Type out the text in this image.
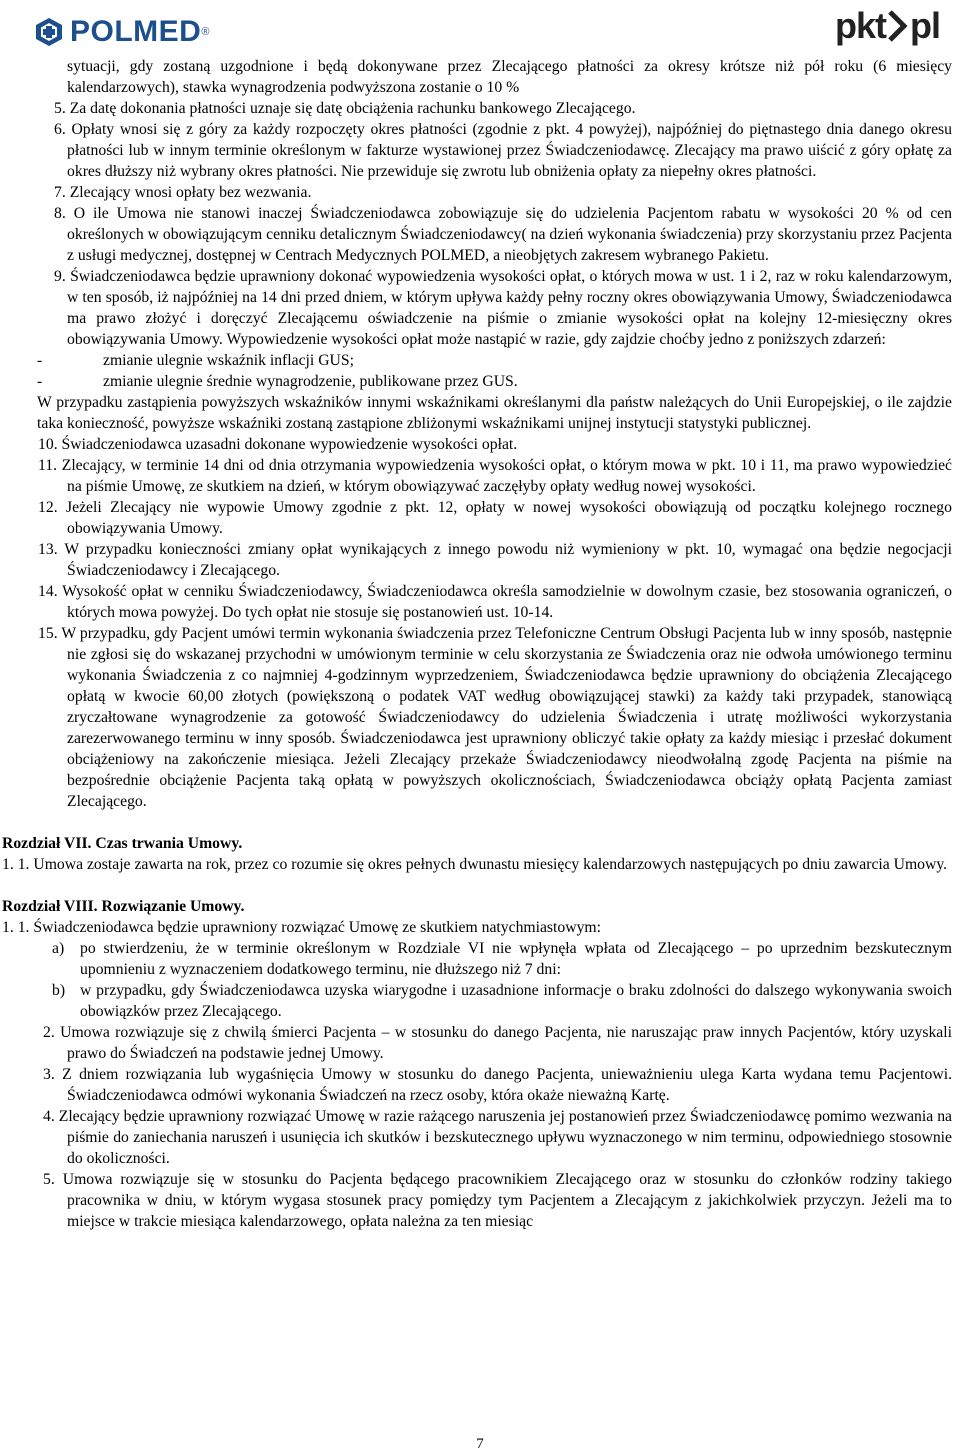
POLMED ®	pkt pl

sytuacji, gdy zostaną uzgodnione i będą dokonywane przez Zlecającego płatności za okresy krótsze niż pół roku (6 miesięcy kalendarzowych), stawka wynagrodzenia podwyższona zostanie o 10 %

5. Za datę dokonania płatności uznaje się datę obciążenia rachunku bankowego Zlecającego.

6. Opłaty wnosi się z góry za każdy rozpoczęty okres płatności (zgodnie z pkt. 4 powyżej), najpóźniej do piętnastego dnia danego okresu płatności lub w innym terminie określonym w fakturze wystawionej przez Świadczeniodawcę. Zlecający ma prawo uiścić z góry opłatę za okres dłuższy niż wybrany okres płatności. Nie przewiduje się zwrotu lub obniżenia opłaty za niepełny okres płatności.

7. Zlecający wnosi opłaty bez wezwania.

8. O ile Umowa nie stanowi inaczej Świadczeniodawca zobowiązuje się do udzielenia Pacjentom rabatu w wysokości 20 % od cen określonych w obowiązującym cenniku detalicznym Świadczeniodawcy( na dzień wykonania świadczenia) przy skorzystaniu przez Pacjenta z usługi medycznej, dostępnej w Centrach Medycznych POLMED, a nieobjętych zakresem wybranego Pakietu.

9. Świadczeniodawca będzie uprawniony dokonać wypowiedzenia wysokości opłat, o których mowa w ust. 1 i 2, raz w roku kalendarzowym, w ten sposób, iż najpóźniej na 14 dni przed dniem, w którym upływa każdy pełny roczny okres obowiązywania Umowy, Świadczeniodawca ma prawo złożyć i doręczyć Zlecającemu oświadczenie na piśmie o zmianie wysokości opłat na kolejny 12-miesięczny okres obowiązywania Umowy. Wypowiedzenie wysokości opłat może nastąpić w razie, gdy zajdzie choćby jedno z poniższych zdarzeń:

-	zmianie ulegnie wskaźnik inflacji GUS;

-	zmianie ulegnie średnie wynagrodzenie, publikowane przez GUS.

W przypadku zastąpienia powyższych wskaźników innymi wskaźnikami określanymi dla państw należących do Unii Europejskiej, o ile zajdzie taka konieczność, powyższe wskaźniki zostaną zastąpione zbliżonymi wskaźnikami unijnej instytucji statystyki publicznej.

10. Świadczeniodawca uzasadni dokonane wypowiedzenie wysokości opłat.

11. Zlecający, w terminie 14 dni od dnia otrzymania wypowiedzenia wysokości opłat, o którym mowa w pkt. 10 i 11, ma prawo wypowiedzieć na piśmie Umowę, ze skutkiem na dzień, w którym obowiązywać zaczęłyby opłaty według nowej wysokości.

12. Jeżeli Zlecający nie wypowie Umowy zgodnie z pkt. 12, opłaty w nowej wysokości obowiązują od początku kolejnego rocznego obowiązywania Umowy.

13. W przypadku konieczności zmiany opłat wynikających z innego powodu niż wymieniony w pkt. 10, wymagać ona będzie negocjacji Świadczeniodawcy i Zlecającego.

14. Wysokość opłat w cenniku Świadczeniodawcy, Świadczeniodawca określa samodzielnie w dowolnym czasie, bez stosowania ograniczeń, o których mowa powyżej. Do tych opłat nie stosuje się postanowień ust. 10-14.

15. W przypadku, gdy Pacjent umówi termin wykonania świadczenia przez Telefoniczne Centrum Obsługi Pacjenta lub w inny sposób, następnie nie zgłosi się do wskazanej przychodni w umówionym terminie w celu skorzystania ze Świadczenia oraz nie odwoła umówionego terminu wykonania Świadczenia z co najmniej 4-godzinnym wyprzedzeniem, Świadczeniodawca będzie uprawniony do obciążenia Zlecającego opłatą w kwocie 60,00 złotych (powiększoną o podatek VAT według obowiązującej stawki) za każdy taki przypadek, stanowiącą zryczałtowane wynagrodzenie za gotowość Świadczeniodawcy do udzielenia Świadczenia i utratę możliwości wykorzystania zarezerwowanego terminu w inny sposób. Świadczeniodawca jest uprawniony obliczyć takie opłaty za każdy miesiąc i przesłać dokument obciążeniowy na zakończenie miesiąca. Jeżeli Zlecający przekaże Świadczeniodawcy nieodwołalną zgodę Pacjenta na piśmie na bezpośrednie obciążenie Pacjenta taką opłatą w powyższych okolicznościach, Świadczeniodawca obciąży opłatą Pacjenta zamiast Zlecającego.

Rozdział VII. Czas trwania Umowy.

1. 1. Umowa zostaje zawarta na rok, przez co rozumie się okres pełnych dwunastu miesięcy kalendarzowych następujących po dniu zawarcia Umowy.

Rozdział VIII. Rozwiązanie Umowy.

1. 1. Świadczeniodawca będzie uprawniony rozwiązać Umowę ze skutkiem natychmiastowym:

a) po stwierdzeniu, że w terminie określonym w Rozdziale VI nie wpłynęła wpłata od Zlecającego – po uprzednim bezskutecznym upomnieniu z wyznaczeniem dodatkowego terminu, nie dłuższego niż 7 dni:

b) w przypadku, gdy Świadczeniodawca uzyska wiarygodne i uzasadnione informacje o braku zdolności do dalszego wykonywania swoich obowiązków przez Zlecającego.

2. Umowa rozwiązuje się z chwilą śmierci Pacjenta – w stosunku do danego Pacjenta, nie naruszając praw innych Pacjentów, który uzyskali prawo do Świadczeń na podstawie jednej Umowy.

3. Z dniem rozwiązania lub wygaśnięcia Umowy w stosunku do danego Pacjenta, unieważnieniu ulega Karta wydana temu Pacjentowi. Świadczeniodawca odmówi wykonania Świadczeń na rzecz osoby, która okaże nieważną Kartę.

4. Zlecający będzie uprawniony rozwiązać Umowę w razie rażącego naruszenia jej postanowień przez Świadczeniodawcę pomimo wezwania na piśmie do zaniechania naruszeń i usunięcia ich skutków i bezskutecznego upływu wyznaczonego w nim terminu, odpowiedniego stosownie do okoliczności.

5. Umowa rozwiązuje się w stosunku do Pacjenta będącego pracownikiem Zlecającego oraz w stosunku do członków rodziny takiego pracownika w dniu, w którym wygasa stosunek pracy pomiędzy tym Pacjentem a Zlecającym z jakichkolwiek przyczyn. Jeżeli ma to miejsce w trakcie miesiąca kalendarzowego, opłata należna za ten miesiąc

7
